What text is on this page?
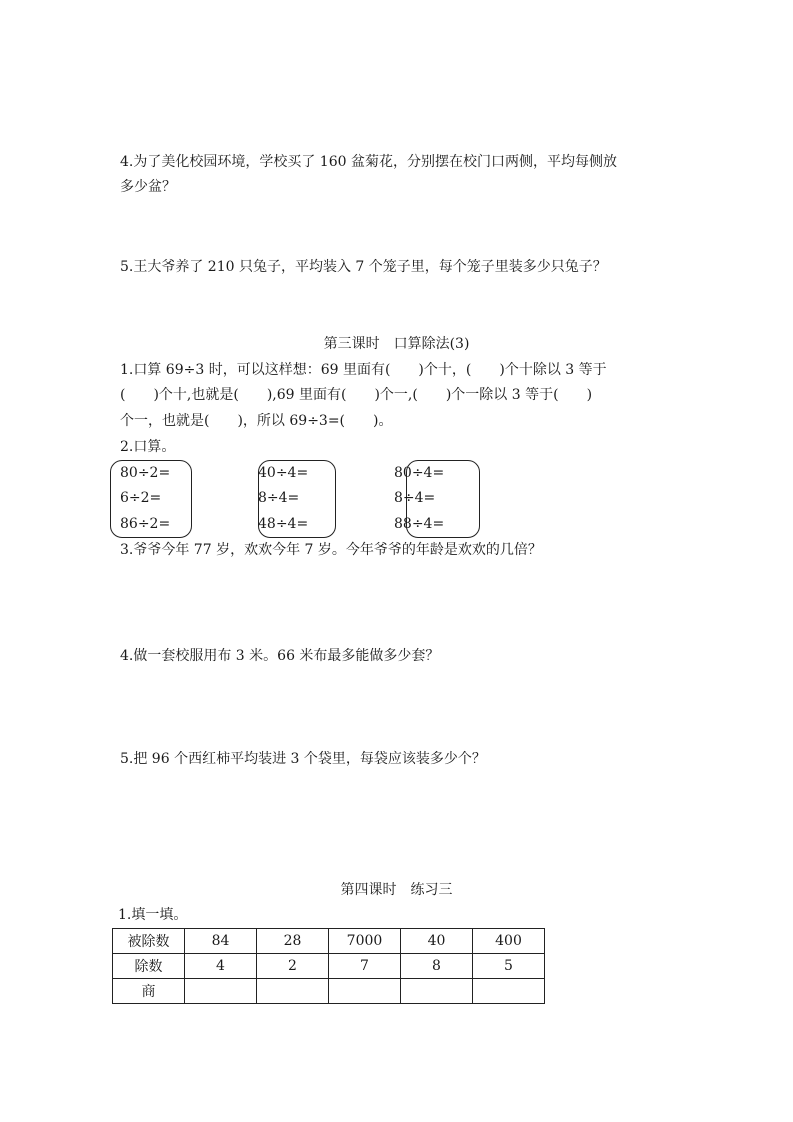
4.为了美化校园环境，学校买了 160 盆菊花，分别摆在校门口两侧，平均每侧放
多少盆？
5.王大爷养了 210 只兔子，平均装入 7 个笼子里，每个笼子里装多少只兔子？
第三课时　口算除法(3)
1.口算 69÷3 时，可以这样想：69 里面有(　　)个十，(　　)个十除以 3 等于
(　　)个十,也就是(　　),69 里面有(　　)个一,(　　)个一除以 3 等于(　　)
个一，也就是(　　)，所以 69÷3=(　　)。
2.口算。
80÷2=
6÷2=
86÷2=
40÷4=
8÷4=
48÷4=
80÷4=
8÷4=
88÷4=
3.爷爷今年 77 岁，欢欢今年 7 岁。今年爷爷的年龄是欢欢的几倍？
4.做一套校服用布 3 米。66 米布最多能做多少套？
5.把 96 个西红柿平均装进 3 个袋里，每袋应该装多少个？
第四课时　练习三
1.填一填。
被除数	84	28	7000	40	400
除数	4	2	7	8	5
商					
